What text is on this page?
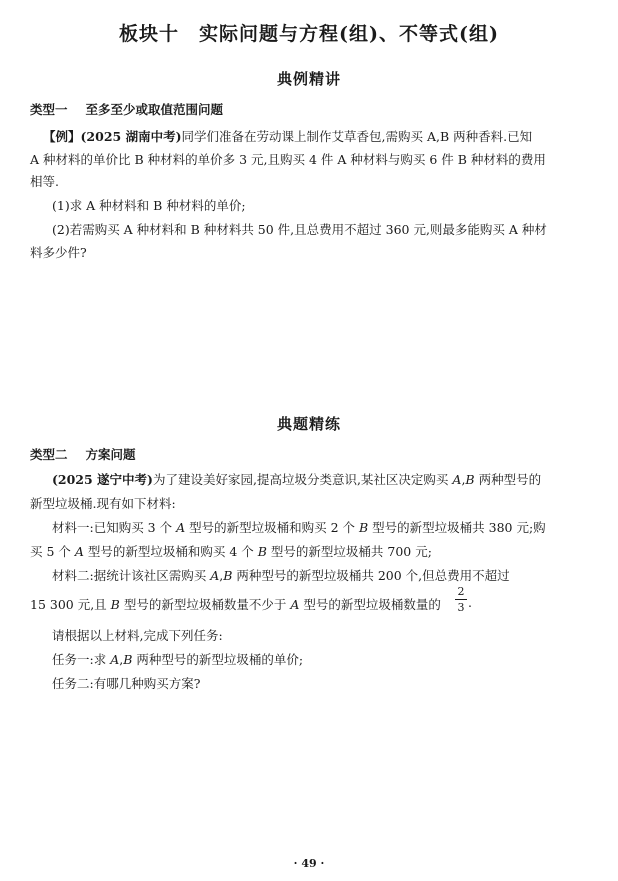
板块十　实际问题与方程(组)、不等式(组)
典例精讲
类型一 至多至少或取值范围问题

【例】(2025 湖南中考)同学们准备在劳动课上制作艾草香包,需购买 A,B 两种香料.已知

A 种材料的单价比 B 种材料的单价多 3 元,且购买 4 件 A 种材料与购买 6 件 B 种材料的费用

相等.

(1)求 A 种材料和 B 种材料的单价;

(2)若需购买 A 种材料和 B 种材料共 50 件,且总费用不超过 360 元,则最多能购买 A 种材

料多少件?

典题精练
类型二 方案问题

(2025 遂宁中考)为了建设美好家园,提高垃圾分类意识,某社区决定购买 A,B 两种型号的

新型垃圾桶.现有如下材料:

材料一:已知购买 3 个 A 型号的新型垃圾桶和购买 2 个 B 型号的新型垃圾桶共 380 元;购

买 5 个 A 型号的新型垃圾桶和购买 4 个 B 型号的新型垃圾桶共 700 元;

材料二:据统计该社区需购买 A,B 两种型号的新型垃圾桶共 200 个,但总费用不超过

15 300 元,且 B 型号的新型垃圾桶数量不少于 A 型号的新型垃圾桶数量的

2
3 .

请根据以上材料,完成下列任务:

任务一:求 A,B 两种型号的新型垃圾桶的单价;

任务二:有哪几种购买方案?

· 49 ·
